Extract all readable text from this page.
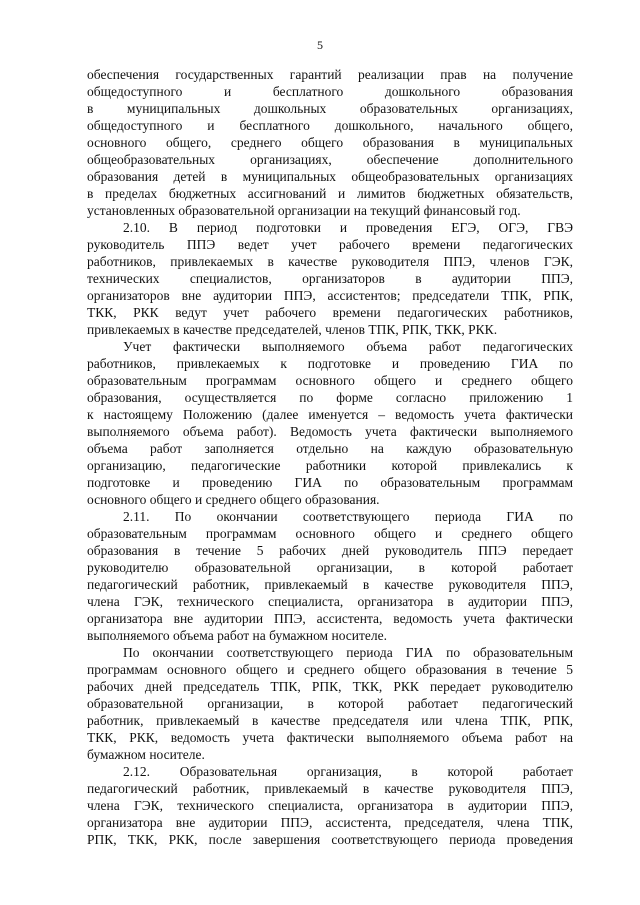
5
обеспечения государственных гарантий реализации прав на получение
общедоступного и бесплатного дошкольного образования
в муниципальных дошкольных образовательных организациях,
общедоступного и бесплатного дошкольного, начального общего,
основного общего, среднего общего образования в муниципальных
общеобразовательных организациях, обеспечение дополнительного
образования детей в муниципальных общеобразовательных организациях
в пределах бюджетных ассигнований и лимитов бюджетных обязательств,
установленных образовательной организации на текущий финансовый год.
2.10. В период подготовки и проведения ЕГЭ, ОГЭ, ГВЭ
руководитель ППЭ ведет учет рабочего времени педагогических
работников, привлекаемых в качестве руководителя ППЭ, членов ГЭК,
технических специалистов, организаторов в аудитории ППЭ,
организаторов вне аудитории ППЭ, ассистентов; председатели ТПК, РПК,
ТКК, РКК ведут учет рабочего времени педагогических работников,
привлекаемых в качестве председателей, членов ТПК, РПК, ТКК, РКК.
Учет фактически выполняемого объема работ педагогических
работников, привлекаемых к подготовке и проведению ГИА по
образовательным программам основного общего и среднего общего
образования, осуществляется по форме согласно приложению 1
к настоящему Положению (далее именуется – ведомость учета фактически
выполняемого объема работ). Ведомость учета фактически выполняемого
объема работ заполняется отдельно на каждую образовательную
организацию, педагогические работники которой привлекались к
подготовке и проведению ГИА по образовательным программам
основного общего и среднего общего образования.
2.11. По окончании соответствующего периода ГИА по
образовательным программам основного общего и среднего общего
образования в течение 5 рабочих дней руководитель ППЭ передает
руководителю образовательной организации, в которой работает
педагогический работник, привлекаемый в качестве руководителя ППЭ,
члена ГЭК, технического специалиста, организатора в аудитории ППЭ,
организатора вне аудитории ППЭ, ассистента, ведомость учета фактически
выполняемого объема работ на бумажном носителе.
По окончании соответствующего периода ГИА по образовательным
программам основного общего и среднего общего образования в течение 5
рабочих дней председатель ТПК, РПК, ТКК, РКК передает руководителю
образовательной организации, в которой работает педагогический
работник, привлекаемый в качестве председателя или члена ТПК, РПК,
ТКК, РКК, ведомость учета фактически выполняемого объема работ на
бумажном носителе.
2.12. Образовательная организация, в которой работает
педагогический работник, привлекаемый в качестве руководителя ППЭ,
члена ГЭК, технического специалиста, организатора в аудитории ППЭ,
организатора вне аудитории ППЭ, ассистента, председателя, члена ТПК,
РПК, ТКК, РКК, после завершения соответствующего периода проведения
